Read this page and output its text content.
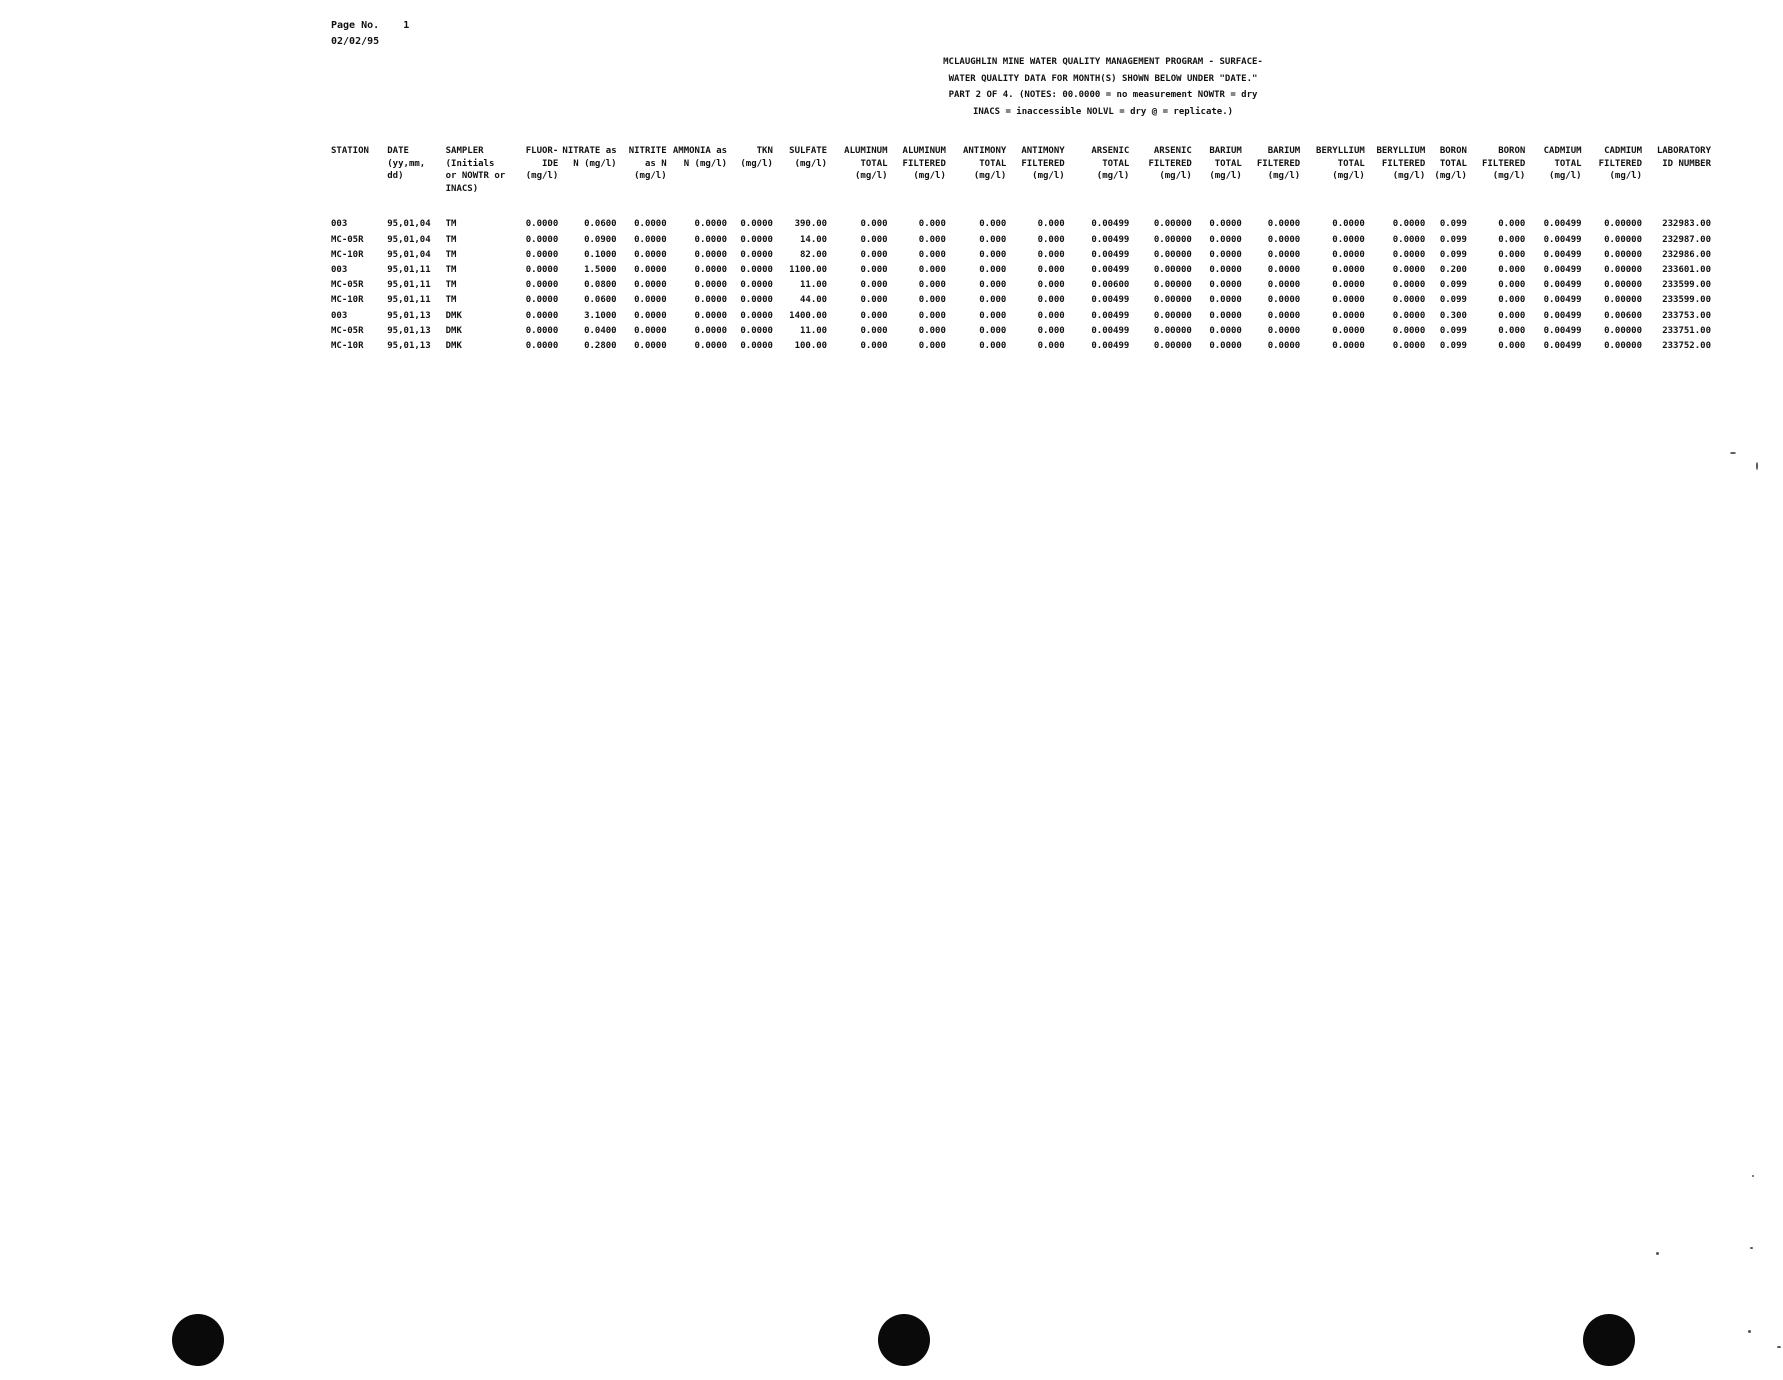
Page No.    1
02/02/95
MCLAUGHLIN MINE WATER QUALITY MANAGEMENT PROGRAM - SURFACE-
WATER QUALITY DATA FOR MONTH(S) SHOWN BELOW UNDER "DATE."
PART 2 OF 4. (NOTES: 00.0000 = no measurement NOWTR = dry
INACS = inaccessible NOLVL = dry @ = replicate.)
STATION	DATE (yy,mm, dd)	SAMPLER (Initials or NOWTR or INACS)	FLUOR- IDE (mg/l)	NITRATE as N (mg/l)	NITRITE as N (mg/l)	AMMONIA as N (mg/l)	TKN (mg/l)	SULFATE (mg/l)	ALUMINUM TOTAL (mg/l)	ALUMINUM FILTERED (mg/l)	ANTIMONY TOTAL (mg/l)	ANTIMONY FILTERED (mg/l)	ARSENIC TOTAL (mg/l)	ARSENIC FILTERED (mg/l)	BARIUM TOTAL (mg/l)	BARIUM FILTERED (mg/l)	BERYLLIUM TOTAL (mg/l)	BERYLLIUM FILTERED (mg/l)	BORON TOTAL (mg/l)	BORON FILTERED (mg/l)	CADMIUM TOTAL (mg/l)	CADMIUM FILTERED (mg/l)	LABORATORY ID NUMBER

003	95,01,04	TM	0.0000	0.0600	0.0000	0.0000	0.0000	390.00	0.000	0.000	0.000	0.000	0.00499	0.00000	0.0000	0.0000	0.0000	0.0000	0.099	0.000	0.00499	0.00000	232983.00
MC-05R	95,01,04	TM	0.0000	0.0900	0.0000	0.0000	0.0000	14.00	0.000	0.000	0.000	0.000	0.00499	0.00000	0.0000	0.0000	0.0000	0.0000	0.099	0.000	0.00499	0.00000	232987.00
MC-10R	95,01,04	TM	0.0000	0.1000	0.0000	0.0000	0.0000	82.00	0.000	0.000	0.000	0.000	0.00499	0.00000	0.0000	0.0000	0.0000	0.0000	0.099	0.000	0.00499	0.00000	232986.00
003	95,01,11	TM	0.0000	1.5000	0.0000	0.0000	0.0000	1100.00	0.000	0.000	0.000	0.000	0.00499	0.00000	0.0000	0.0000	0.0000	0.0000	0.200	0.000	0.00499	0.00000	233601.00
MC-05R	95,01,11	TM	0.0000	0.0800	0.0000	0.0000	0.0000	11.00	0.000	0.000	0.000	0.000	0.00600	0.00000	0.0000	0.0000	0.0000	0.0000	0.099	0.000	0.00499	0.00000	233599.00
MC-10R	95,01,11	TM	0.0000	0.0600	0.0000	0.0000	0.0000	44.00	0.000	0.000	0.000	0.000	0.00499	0.00000	0.0000	0.0000	0.0000	0.0000	0.099	0.000	0.00499	0.00000	233599.00
003	95,01,13	DMK	0.0000	3.1000	0.0000	0.0000	0.0000	1400.00	0.000	0.000	0.000	0.000	0.00499	0.00000	0.0000	0.0000	0.0000	0.0000	0.300	0.000	0.00499	0.00600	233753.00
MC-05R	95,01,13	DMK	0.0000	0.0400	0.0000	0.0000	0.0000	11.00	0.000	0.000	0.000	0.000	0.00499	0.00000	0.0000	0.0000	0.0000	0.0000	0.099	0.000	0.00499	0.00000	233751.00
MC-10R	95,01,13	DMK	0.0000	0.2800	0.0000	0.0000	0.0000	100.00	0.000	0.000	0.000	0.000	0.00499	0.00000	0.0000	0.0000	0.0000	0.0000	0.099	0.000	0.00499	0.00000	233752.00
